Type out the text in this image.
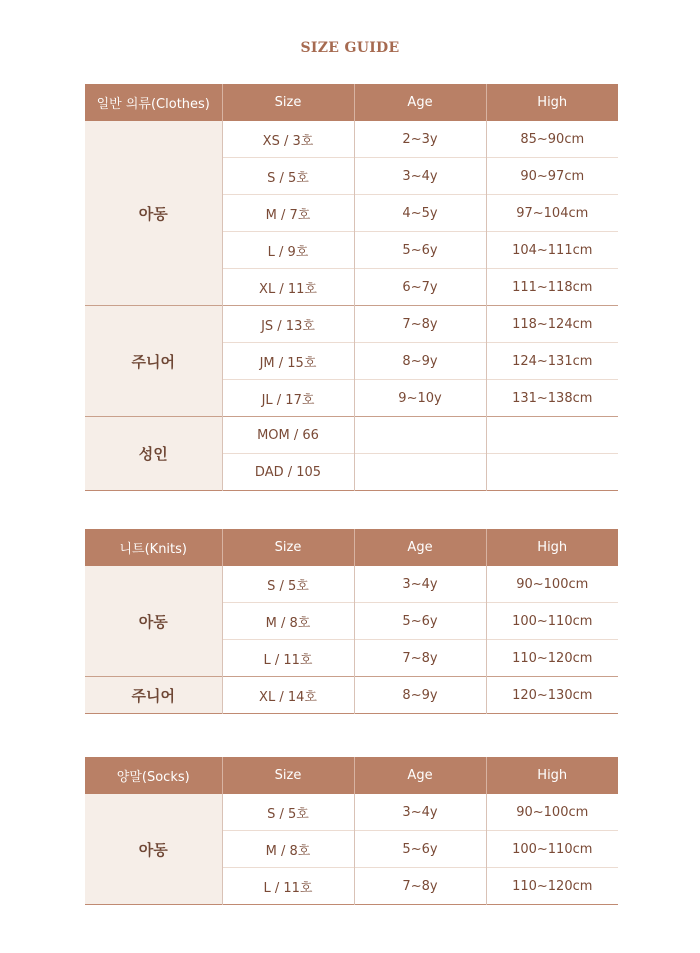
SIZE GUIDE
일반 의류(Clothes)	Size	Age	High
아동	XS / 3호	2~3y	85~90cm
	S / 5호	3~4y	90~97cm
	M / 7호	4~5y	97~104cm
	L / 9호	5~6y	104~111cm
	XL / 11호	6~7y	111~118cm
주니어	JS / 13호	7~8y	118~124cm
	JM / 15호	8~9y	124~131cm
	JL / 17호	9~10y	131~138cm
성인	MOM / 66		
	DAD / 105		
니트(Knits)	Size	Age	High
아동	S / 5호	3~4y	90~100cm
	M / 8호	5~6y	100~110cm
	L / 11호	7~8y	110~120cm
주니어	XL / 14호	8~9y	120~130cm
양말(Socks)	Size	Age	High
아동	S / 5호	3~4y	90~100cm
	M / 8호	5~6y	100~110cm
	L / 11호	7~8y	110~120cm
